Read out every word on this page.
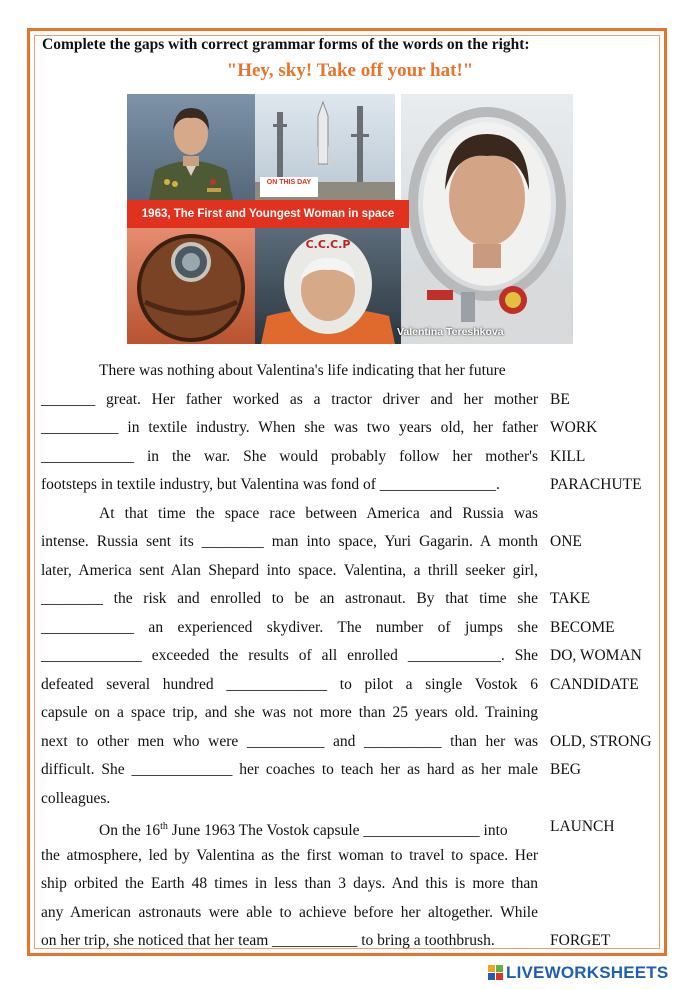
Complete the gaps with correct grammar forms of the words on the right:
"Hey, sky! Take off your hat!"
ON THIS DAY
C.C.C.P
1963, The First and Youngest Woman in space
Valentina Tereshkova
There was nothing about Valentina's life indicating that her future
_______ great. Her father worked as a tractor driver and her mother
__________ in textile industry. When she was two years old, her father
____________ in the war. She would probably follow her mother's
footsteps in textile industry, but Valentina was fond of _______________.
At that time the space race between America and Russia was
intense. Russia sent its ________ man into space, Yuri Gagarin. A month
later, America sent Alan Shepard into space. Valentina, a thrill seeker girl,
________ the risk and enrolled to be an astronaut. By that time she
____________ an experienced skydiver. The number of jumps she
_____________ exceeded the results of all enrolled ____________. She
defeated several hundred _____________ to pilot a single Vostok 6
capsule on a space trip, and she was not more than 25 years old. Training
next to other men who were __________ and __________ than her was
difficult. She _____________ her coaches to teach her as hard as her male
colleagues.
On the 16th June 1963 The Vostok capsule _______________ into
the atmosphere, led by Valentina as the first woman to travel to space. Her
ship orbited the Earth 48 times in less than 3 days. And this is more than
any American astronauts were able to achieve before her altogether. While
on her trip, she noticed that her team ___________ to bring a toothbrush.
BE
WORK
KILL
PARACHUTE
ONE
TAKE
BECOME
DO, WOMAN
CANDIDATE
OLD, STRONG
BEG
LAUNCH
FORGET
LIVEWORKSHEETS
